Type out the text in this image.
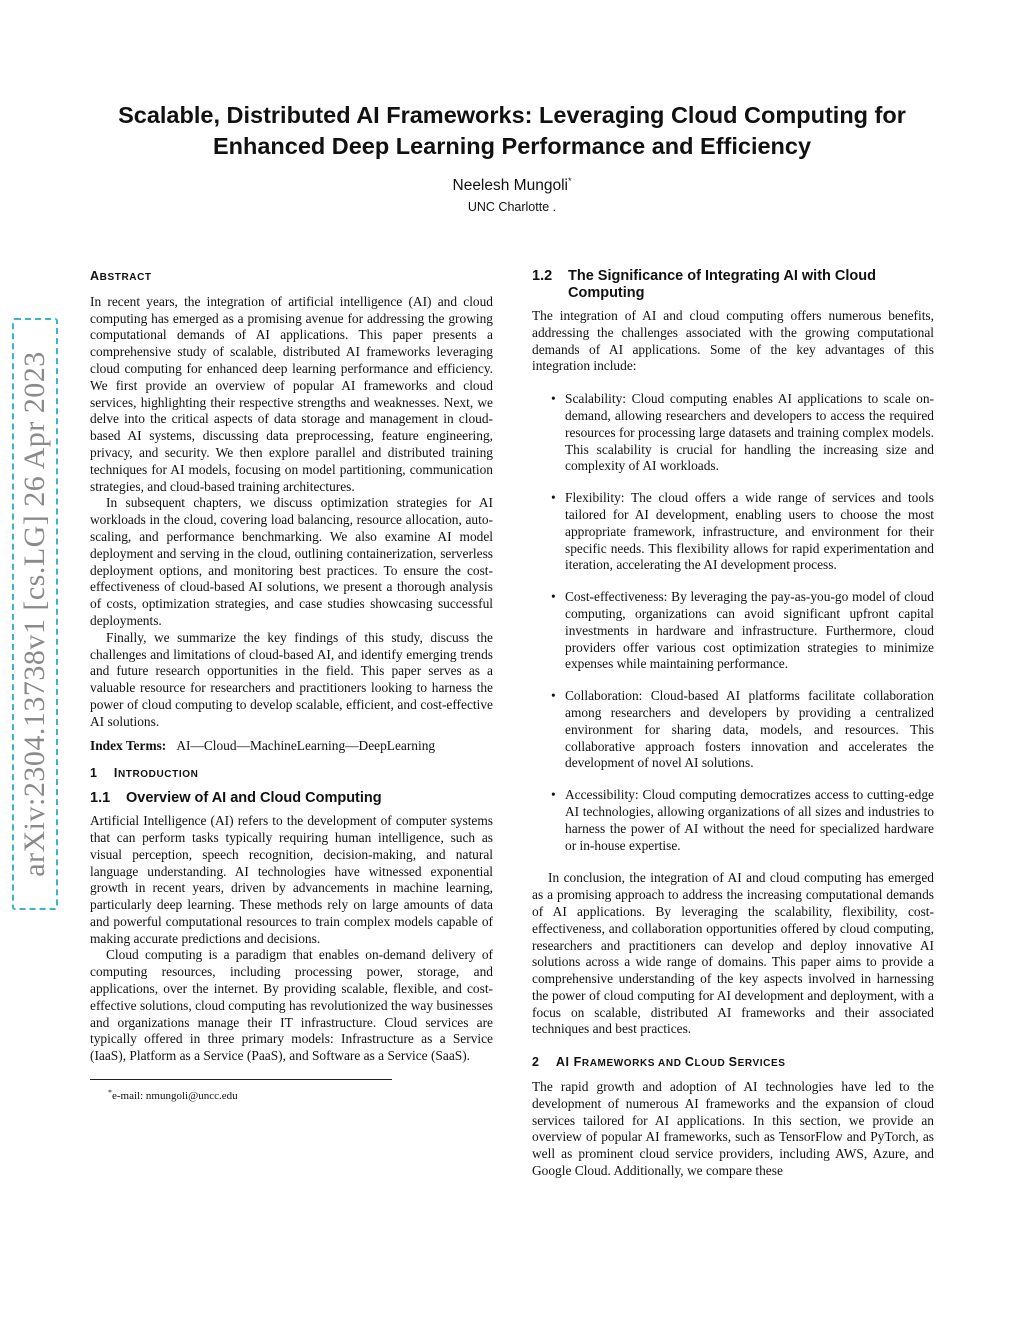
arXiv:2304.13738v1 [cs.LG] 26 Apr 2023
Scalable, Distributed AI Frameworks: Leveraging Cloud Computing for Enhanced Deep Learning Performance and Efficiency
Neelesh Mungoli*
UNC Charlotte .
ABSTRACT

In recent years, the integration of artificial intelligence (AI) and cloud computing has emerged as a promising avenue for addressing the growing computational demands of AI applications. This paper presents a comprehensive study of scalable, distributed AI frameworks leveraging cloud computing for enhanced deep learning performance and efficiency. We first provide an overview of popular AI frameworks and cloud services, highlighting their respective strengths and weaknesses. Next, we delve into the critical aspects of data storage and management in cloud-based AI systems, discussing data preprocessing, feature engineering, privacy, and security. We then explore parallel and distributed training techniques for AI models, focusing on model partitioning, communication strategies, and cloud-based training architectures.

In subsequent chapters, we discuss optimization strategies for AI workloads in the cloud, covering load balancing, resource allocation, auto-scaling, and performance benchmarking. We also examine AI model deployment and serving in the cloud, outlining containerization, serverless deployment options, and monitoring best practices. To ensure the cost-effectiveness of cloud-based AI solutions, we present a thorough analysis of costs, optimization strategies, and case studies showcasing successful deployments.

Finally, we summarize the key findings of this study, discuss the challenges and limitations of cloud-based AI, and identify emerging trends and future research opportunities in the field. This paper serves as a valuable resource for researchers and practitioners looking to harness the power of cloud computing to develop scalable, efficient, and cost-effective AI solutions.

Index Terms: AI—Cloud—MachineLearning—DeepLearning

1 INTRODUCTION
1.1 Overview of AI and Cloud Computing

Artificial Intelligence (AI) refers to the development of computer systems that can perform tasks typically requiring human intelligence, such as visual perception, speech recognition, decision-making, and natural language understanding. AI technologies have witnessed exponential growth in recent years, driven by advancements in machine learning, particularly deep learning. These methods rely on large amounts of data and powerful computational resources to train complex models capable of making accurate predictions and decisions.

Cloud computing is a paradigm that enables on-demand delivery of computing resources, including processing power, storage, and applications, over the internet. By providing scalable, flexible, and cost-effective solutions, cloud computing has revolutionized the way businesses and organizations manage their IT infrastructure. Cloud services are typically offered in three primary models: Infrastructure as a Service (IaaS), Platform as a Service (PaaS), and Software as a Service (SaaS).

*e-mail: nmungoli@uncc.edu
1.2	The Significance of Integrating AI with Cloud Computing

The integration of AI and cloud computing offers numerous benefits, addressing the challenges associated with the growing computational demands of AI applications. Some of the key advantages of this integration include:

• Scalability: Cloud computing enables AI applications to scale on-demand, allowing researchers and developers to access the required resources for processing large datasets and training complex models. This scalability is crucial for handling the increasing size and complexity of AI workloads.
• Flexibility: The cloud offers a wide range of services and tools tailored for AI development, enabling users to choose the most appropriate framework, infrastructure, and environment for their specific needs. This flexibility allows for rapid experimentation and iteration, accelerating the AI development process.
• Cost-effectiveness: By leveraging the pay-as-you-go model of cloud computing, organizations can avoid significant upfront capital investments in hardware and infrastructure. Furthermore, cloud providers offer various cost optimization strategies to minimize expenses while maintaining performance.
• Collaboration: Cloud-based AI platforms facilitate collaboration among researchers and developers by providing a centralized environment for sharing data, models, and resources. This collaborative approach fosters innovation and accelerates the development of novel AI solutions.
• Accessibility: Cloud computing democratizes access to cutting-edge AI technologies, allowing organizations of all sizes and industries to harness the power of AI without the need for specialized hardware or in-house expertise.

In conclusion, the integration of AI and cloud computing has emerged as a promising approach to address the increasing computational demands of AI applications. By leveraging the scalability, flexibility, cost-effectiveness, and collaboration opportunities offered by cloud computing, researchers and practitioners can develop and deploy innovative AI solutions across a wide range of domains. This paper aims to provide a comprehensive understanding of the key aspects involved in harnessing the power of cloud computing for AI development and deployment, with a focus on scalable, distributed AI frameworks and their associated techniques and best practices.

2 AI FRAMEWORKS AND CLOUD SERVICES

The rapid growth and adoption of AI technologies have led to the development of numerous AI frameworks and the expansion of cloud services tailored for AI applications. In this section, we provide an overview of popular AI frameworks, such as TensorFlow and PyTorch, as well as prominent cloud service providers, including AWS, Azure, and Google Cloud. Additionally, we compare these
